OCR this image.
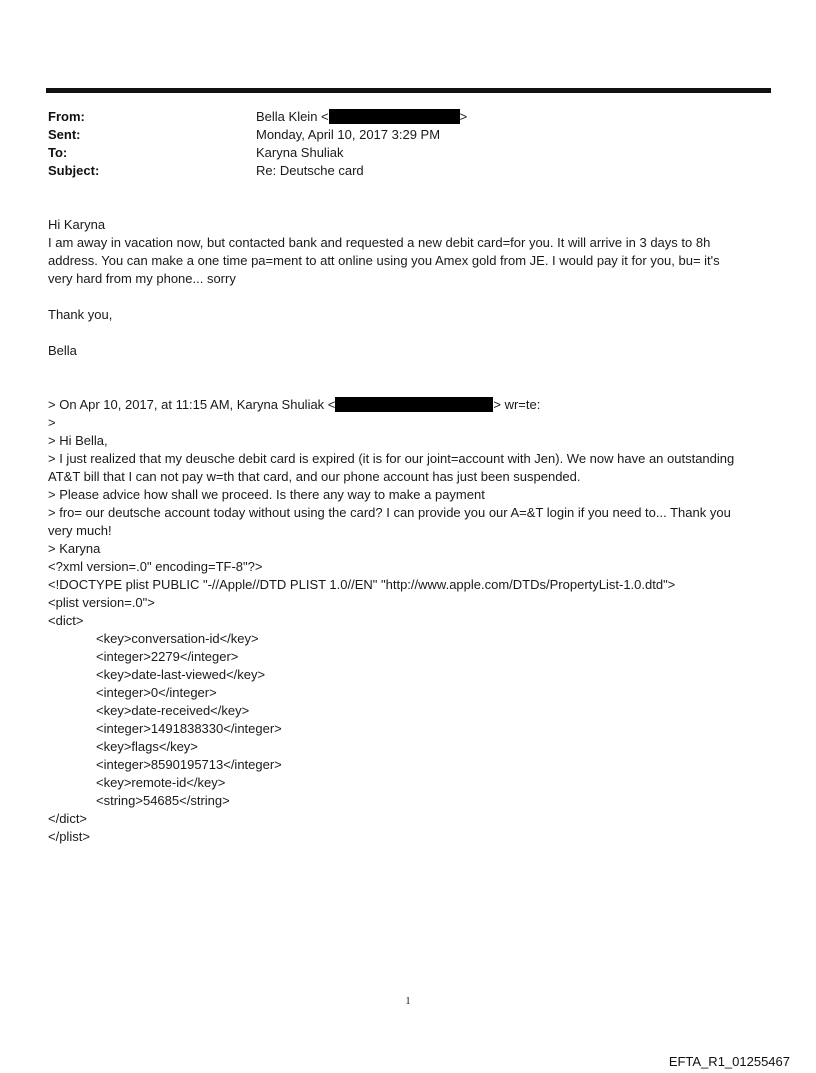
From:	Bella Klein <	>
Sent:	Monday, April 10, 2017 3:29 PM
To:	Karyna Shuliak
Subject:	Re: Deutsche card

Hi Karyna

I am away in vacation now, but contacted bank and requested a new debit card=for you. It will arrive in 3 days to 8h

address. You can make a one time pa=ment to att online using you Amex gold from JE. I would pay it for you, bu= it's

very hard from my phone... sorry

Thank you,

Bella

> On Apr 10, 2017, at 11:15 AM, Karyna Shuliak <	> wr=te:

>

> Hi Bella,

> I just realized that my deusche debit card is expired (it is for our joint=account with Jen). We now have an outstanding

AT&T bill that I can not pay w=th that card, and our phone account has just been suspended.

> Please advice how shall we proceed. Is there any way to make a payment

> fro= our deutsche account today without using the card? I can provide you our A=&T login if you need to... Thank you

very much!

> Karyna

<?xml version=.0" encoding=TF-8"?>

<!DOCTYPE plist PUBLIC "-//Apple//DTD PLIST 1.0//EN" "http://www.apple.com/DTDs/PropertyList-1.0.dtd">

<plist version=.0">

<dict>

<key>conversation-id</key>

<integer>2279</integer>

<key>date-last-viewed</key>

<integer>0</integer>

<key>date-received</key>

<integer>1491838330</integer>

<key>flags</key>

<integer>8590195713</integer>

<key>remote-id</key>

<string>54685</string>

</dict>

</plist>

1
EFTA_R1_01255467
